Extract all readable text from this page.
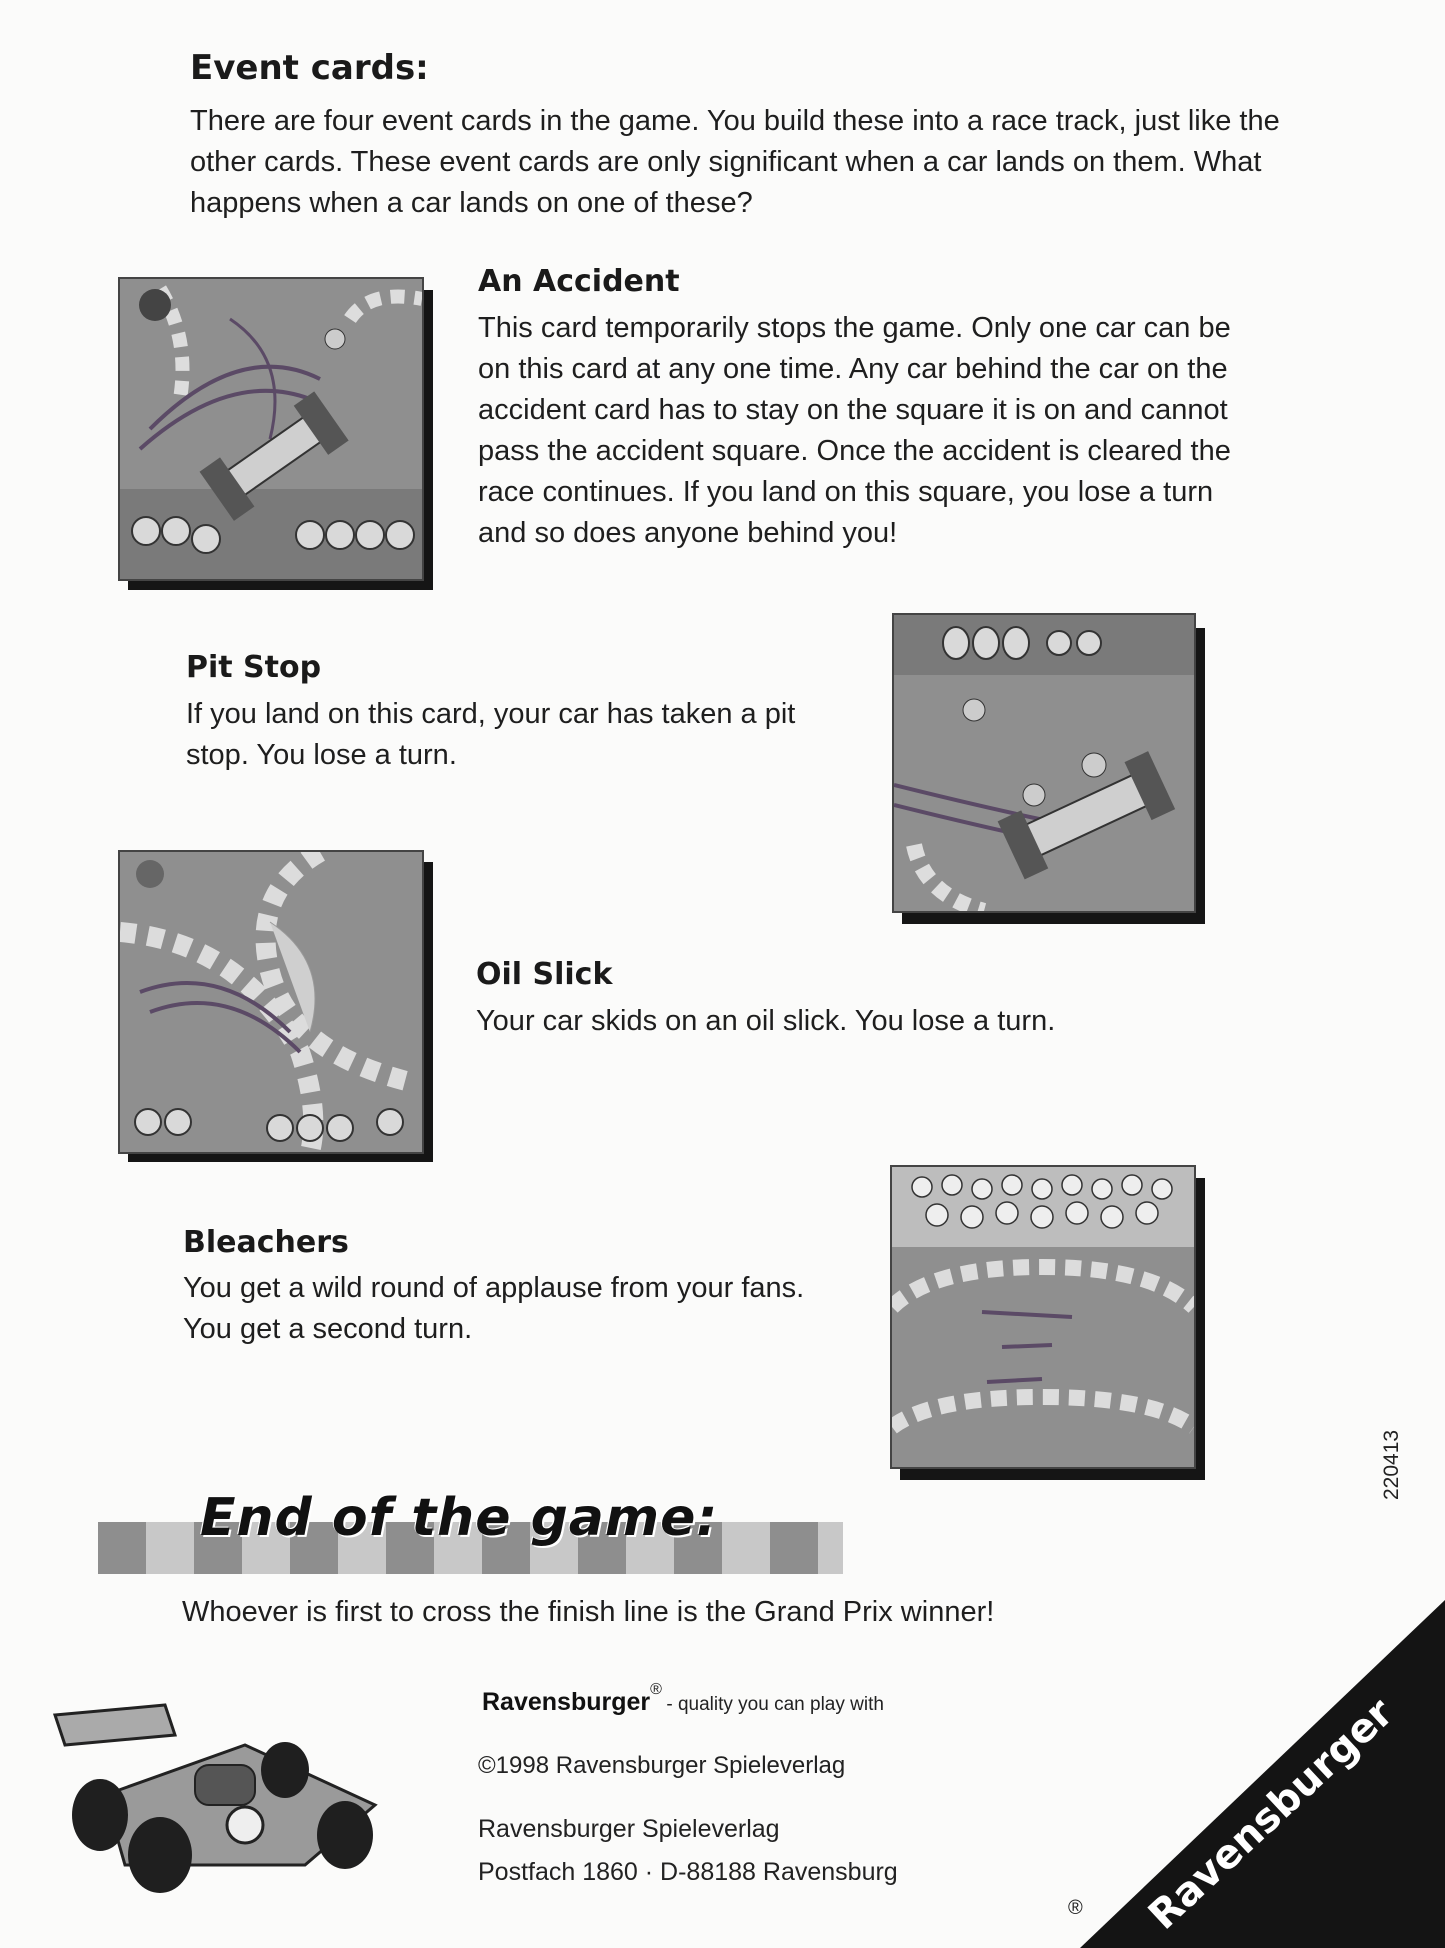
Event cards:
There are four event cards in the game. You build these into a race track, just like the
other cards. These event cards are only significant when a car lands on them. What
happens when a car lands on one of these?
An Accident
This card temporarily stops the game. Only one car can be
on this card at any one time. Any car behind the car on the
accident card has to stay on the square it is on and cannot
pass the accident square. Once the accident is cleared the
race continues. If you land on this square, you lose a turn
and so does anyone behind you!
Pit Stop
If you land on this card, your car has taken a pit
stop. You lose a turn.
Oil Slick
Your car skids on an oil slick. You lose a turn.
Bleachers
You get a wild round of applause from your fans.
You get a second turn.
End of the game:
Whoever is first to cross the finish line is the Grand Prix winner!
Ravensburger® - quality you can play with
©1998 Ravensburger Spieleverlag
Ravensburger Spieleverlag
Postfach 1860 · D-88188 Ravensburg
220413
Ravensburger
®
